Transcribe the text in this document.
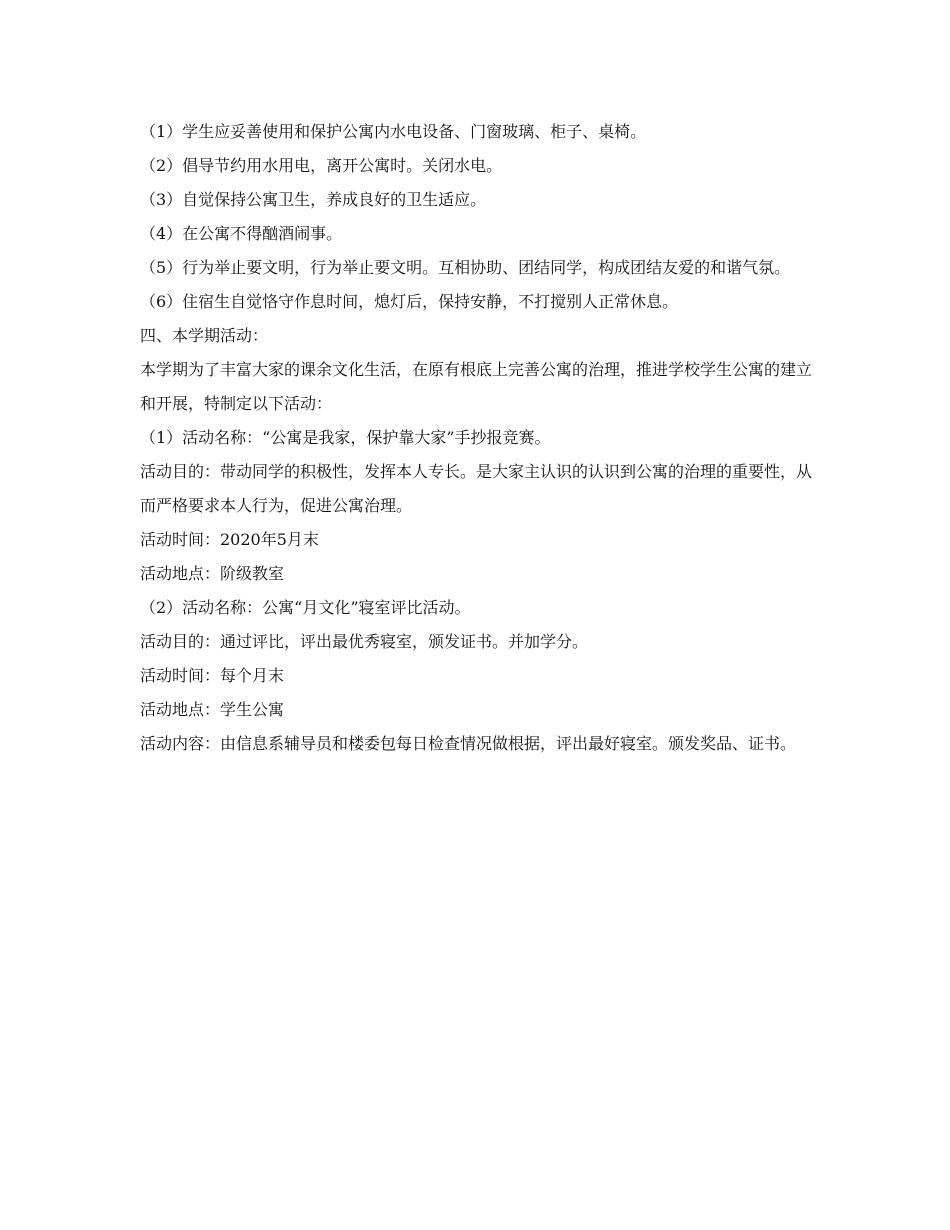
（1）学生应妥善使用和保护公寓内水电设备、门窗玻璃、柜子、桌椅。

（2）倡导节约用水用电，离开公寓时。关闭水电。

（3）自觉保持公寓卫生，养成良好的卫生适应。

（4）在公寓不得酗酒闹事。

（5）行为举止要文明，行为举止要文明。互相协助、团结同学，构成团结友爱的和谐气氛。

（6）住宿生自觉恪守作息时间，熄灯后，保持安静，不打搅别人正常休息。

四、本学期活动：

本学期为了丰富大家的课余文化生活，在原有根底上完善公寓的治理，推进学校学生公寓的建立和开展，特制定以下活动：

（1）活动名称：“公寓是我家，保护靠大家”手抄报竞赛。

活动目的：带动同学的积极性，发挥本人专长。是大家主认识的认识到公寓的治理的重要性，从而严格要求本人行为，促进公寓治理。

活动时间：2020年5月末

活动地点：阶级教室

（2）活动名称：公寓“月文化”寝室评比活动。

活动目的：通过评比，评出最优秀寝室，颁发证书。并加学分。

活动时间：每个月末

活动地点：学生公寓

活动内容：由信息系辅导员和楼委包每日检查情况做根据，评出最好寝室。颁发奖品、证书。
